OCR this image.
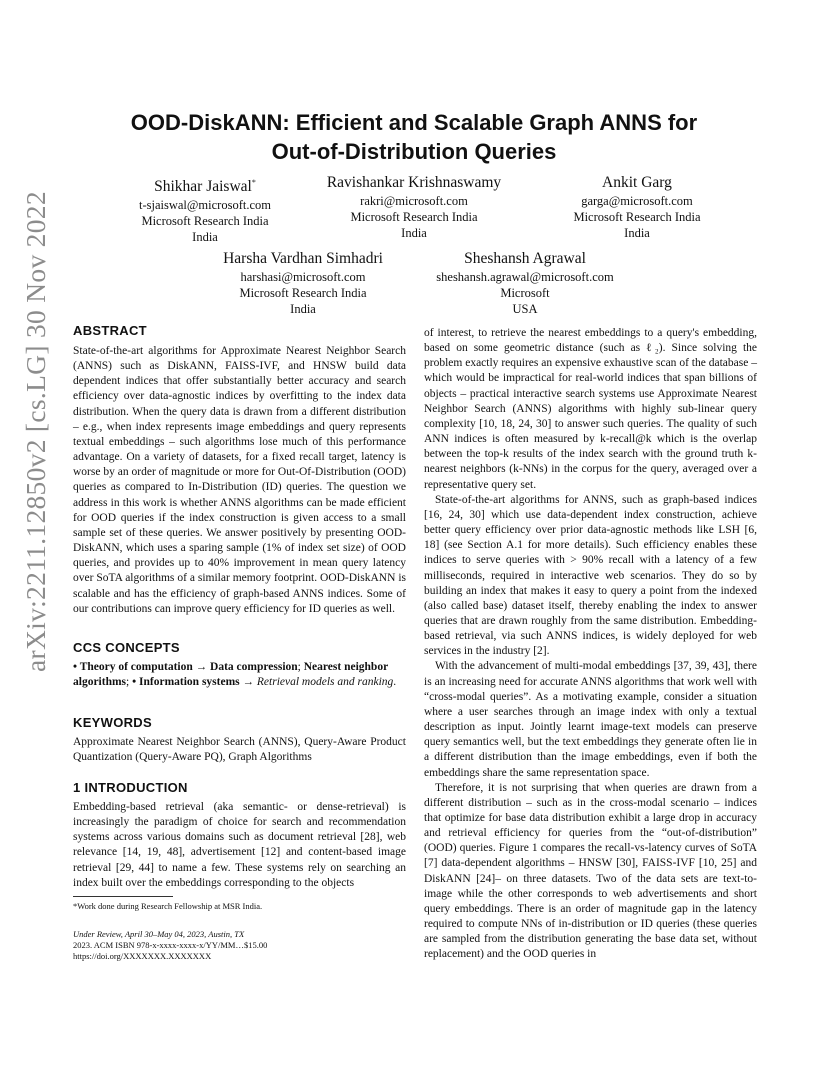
arXiv:2211.12850v2 [cs.LG] 30 Nov 2022
OOD-DiskANN: Efficient and Scalable Graph ANNS for
Out-of-Distribution Queries
Shikhar Jaiswal*
t-sjaiswal@microsoft.com
Microsoft Research India
India
Ravishankar Krishnaswamy
rakri@microsoft.com
Microsoft Research India
India
Ankit Garg
garga@microsoft.com
Microsoft Research India
India
Harsha Vardhan Simhadri
harshasi@microsoft.com
Microsoft Research India
India
Sheshansh Agrawal
sheshansh.agrawal@microsoft.com
Microsoft
USA
ABSTRACT

State-of-the-art algorithms for Approximate Nearest Neighbor Search (ANNS) such as DiskANN, FAISS-IVF, and HNSW build data dependent indices that offer substantially better accuracy and search efficiency over data-agnostic indices by overfitting to the index data distribution. When the query data is drawn from a different distribution – e.g., when index represents image embeddings and query represents textual embeddings – such algorithms lose much of this performance advantage. On a variety of datasets, for a fixed recall target, latency is worse by an order of magnitude or more for Out-Of-Distribution (OOD) queries as compared to In-Distribution (ID) queries. The question we address in this work is whether ANNS algorithms can be made efficient for OOD queries if the index construction is given access to a small sample set of these queries. We answer positively by presenting OOD-DiskANN, which uses a sparing sample (1% of index set size) of OOD queries, and provides up to 40% improvement in mean query latency over SoTA algorithms of a similar memory footprint. OOD-DiskANN is scalable and has the efficiency of graph-based ANNS indices. Some of our contributions can improve query efficiency for ID queries as well.

CCS CONCEPTS

• Theory of computation → Data compression; Nearest neighbor algorithms; • Information systems → Retrieval models and ranking.

KEYWORDS

Approximate Nearest Neighbor Search (ANNS), Query-Aware Product Quantization (Query-Aware PQ), Graph Algorithms

1 INTRODUCTION

Embedding-based retrieval (aka semantic- or dense-retrieval) is increasingly the paradigm of choice for search and recommendation systems across various domains such as document retrieval [28], web relevance [14, 19, 48], advertisement [12] and content-based image retrieval [29, 44] to name a few. These systems rely on searching an index built over the embeddings corresponding to the objects

*Work done during Research Fellowship at MSR India.
Under Review, April 30–May 04, 2023, Austin, TX
2023. ACM ISBN 978-x-xxxx-xxxx-x/YY/MM…$15.00
https://doi.org/XXXXXXX.XXXXXXX

of interest, to retrieve the nearest embeddings to a query's embedding, based on some geometric distance (such as ℓ₂). Since solving the problem exactly requires an expensive exhaustive scan of the database – which would be impractical for real-world indices that span billions of objects – practical interactive search systems use Approximate Nearest Neighbor Search (ANNS) algorithms with highly sub-linear query complexity [10, 18, 24, 30] to answer such queries. The quality of such ANN indices is often measured by k-recall@k which is the overlap between the top-k results of the index search with the ground truth k-nearest neighbors (k-NNs) in the corpus for the query, averaged over a representative query set.

State-of-the-art algorithms for ANNS, such as graph-based indices [16, 24, 30] which use data-dependent index construction, achieve better query efficiency over prior data-agnostic methods like LSH [6, 18] (see Section A.1 for more details). Such efficiency enables these indices to serve queries with > 90% recall with a latency of a few milliseconds, required in interactive web scenarios. They do so by building an index that makes it easy to query a point from the indexed (also called base) dataset itself, thereby enabling the index to answer queries that are drawn roughly from the same distribution. Embedding-based retrieval, via such ANNS indices, is widely deployed for web services in the industry [2].

With the advancement of multi-modal embeddings [37, 39, 43], there is an increasing need for accurate ANNS algorithms that work well with “cross-modal queries”. As a motivating example, consider a situation where a user searches through an image index with only a textual description as input. Jointly learnt image-text models can preserve query semantics well, but the text embeddings they generate often lie in a different distribution than the image embeddings, even if both the embeddings share the same representation space.

Therefore, it is not surprising that when queries are drawn from a different distribution – such as in the cross-modal scenario – indices that optimize for base data distribution exhibit a large drop in accuracy and retrieval efficiency for queries from the “out-of-distribution” (OOD) queries. Figure 1 compares the recall-vs-latency curves of SoTA [7] data-dependent algorithms – HNSW [30], FAISS-IVF [10, 25] and DiskANN [24]– on three datasets. Two of the data sets are text-to-image while the other corresponds to web advertisements and short query embeddings. There is an order of magnitude gap in the latency required to compute NNs of in-distribution or ID queries (these queries are sampled from the distribution generating the base data set, without replacement) and the OOD queries in
